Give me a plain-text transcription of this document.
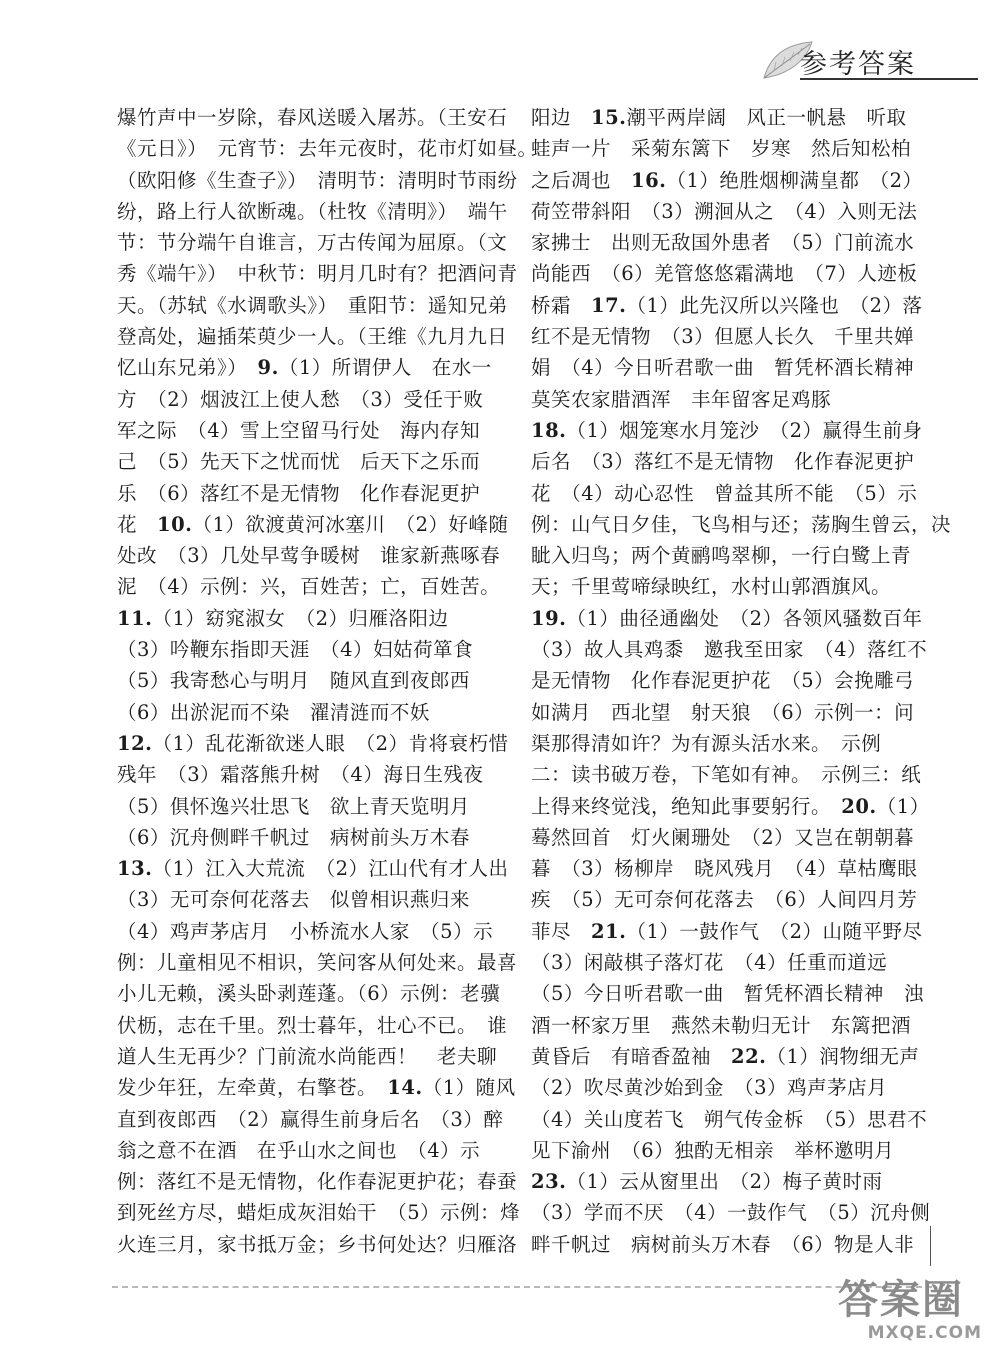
参考答案
爆竹声中一岁除，春风送暖入屠苏。（王安石
《元日》）　元宵节：去年元夜时，花市灯如昼。
（欧阳修《生查子》）　清明节：清明时节雨纷
纷，路上行人欲断魂。（杜牧《清明》）　端午
节：节分端午自谁言，万古传闻为屈原。（文
秀《端午》）　中秋节：明月几时有？把酒问青
天。（苏轼《水调歌头》）　重阳节：遥知兄弟
登高处，遍插茱萸少一人。（王维《九月九日
忆山东兄弟》）　9.（1）所谓伊人　在水一
方　（2）烟波江上使人愁　（3）受任于败
军之际　（4）雪上空留马行处　海内存知
己　（5）先天下之忧而忧　后天下之乐而
乐　（6）落红不是无情物　化作春泥更护
花　10.（1）欲渡黄河冰塞川　（2）好峰随
处改　（3）几处早莺争暖树　谁家新燕啄春
泥　（4）示例：兴，百姓苦；亡，百姓苦。
11.（1）窈窕淑女　（2）归雁洛阳边
（3）吟鞭东指即天涯　（4）妇姑荷箪食
（5）我寄愁心与明月　随风直到夜郎西
（6）出淤泥而不染　濯清涟而不妖
12.（1）乱花渐欲迷人眼　（2）肯将衰朽惜
残年　（3）霜落熊升树　（4）海日生残夜
（5）俱怀逸兴壮思飞　欲上青天览明月
（6）沉舟侧畔千帆过　病树前头万木春
13.（1）江入大荒流　（2）江山代有才人出
（3）无可奈何花落去　似曾相识燕归来
（4）鸡声茅店月　小桥流水人家　（5）示
例：儿童相见不相识，笑问客从何处来。最喜
小儿无赖，溪头卧剥莲蓬。（6）示例：老骥
伏枥，志在千里。烈士暮年，壮心不已。　谁
道人生无再少？门前流水尚能西！　老夫聊
发少年狂，左牵黄，右擎苍。　14.（1）随风
直到夜郎西　（2）赢得生前身后名　（3）醉
翁之意不在酒　在乎山水之间也　（4）示
例：落红不是无情物，化作春泥更护花；春蚕
到死丝方尽，蜡炬成灰泪始干　（5）示例：烽
火连三月，家书抵万金；乡书何处达？归雁洛
阳边　15.潮平两岸阔　风正一帆悬　听取
蛙声一片　采菊东篱下　岁寒　然后知松柏
之后凋也　16.（1）绝胜烟柳满皇都　（2）
荷笠带斜阳　（3）溯洄从之　（4）入则无法
家拂士　出则无敌国外患者　（5）门前流水
尚能西　（6）羌管悠悠霜满地　（7）人迹板
桥霜　17.（1）此先汉所以兴隆也　（2）落
红不是无情物　（3）但愿人长久　千里共婵
娟　（4）今日听君歌一曲　暂凭杯酒长精神
莫笑农家腊酒浑　丰年留客足鸡豚
18.（1）烟笼寒水月笼沙　（2）赢得生前身
后名　（3）落红不是无情物　化作春泥更护
花　（4）动心忍性　曾益其所不能　（5）示
例：山气日夕佳，飞鸟相与还；荡胸生曾云，决
眦入归鸟；两个黄鹂鸣翠柳，一行白鹭上青
天；千里莺啼绿映红，水村山郭酒旗风。
19.（1）曲径通幽处　（2）各领风骚数百年
（3）故人具鸡黍　邀我至田家　（4）落红不
是无情物　化作春泥更护花　（5）会挽雕弓
如满月　西北望　射天狼　（6）示例一：问
渠那得清如许？为有源头活水来。　示例
二：读书破万卷，下笔如有神。　示例三：纸
上得来终觉浅，绝知此事要躬行。　20.（1）
蓦然回首　灯火阑珊处　（2）又岂在朝朝暮
暮　（3）杨柳岸　晓风残月　（4）草枯鹰眼
疾　（5）无可奈何花落去　（6）人间四月芳
菲尽　21.（1）一鼓作气　（2）山随平野尽
（3）闲敲棋子落灯花　（4）任重而道远
（5）今日听君歌一曲　暂凭杯酒长精神　浊
酒一杯家万里　燕然未勒归无计　东篱把酒
黄昏后　有暗香盈袖　22.（1）润物细无声
（2）吹尽黄沙始到金　（3）鸡声茅店月
（4）关山度若飞　朔气传金柝　（5）思君不
见下渝州　（6）独酌无相亲　举杯邀明月
23.（1）云从窗里出　（2）梅子黄时雨
（3）学而不厌　（4）一鼓作气　（5）沉舟侧
畔千帆过　病树前头万木春　（6）物是人非
答案圈
MXQE.COM
